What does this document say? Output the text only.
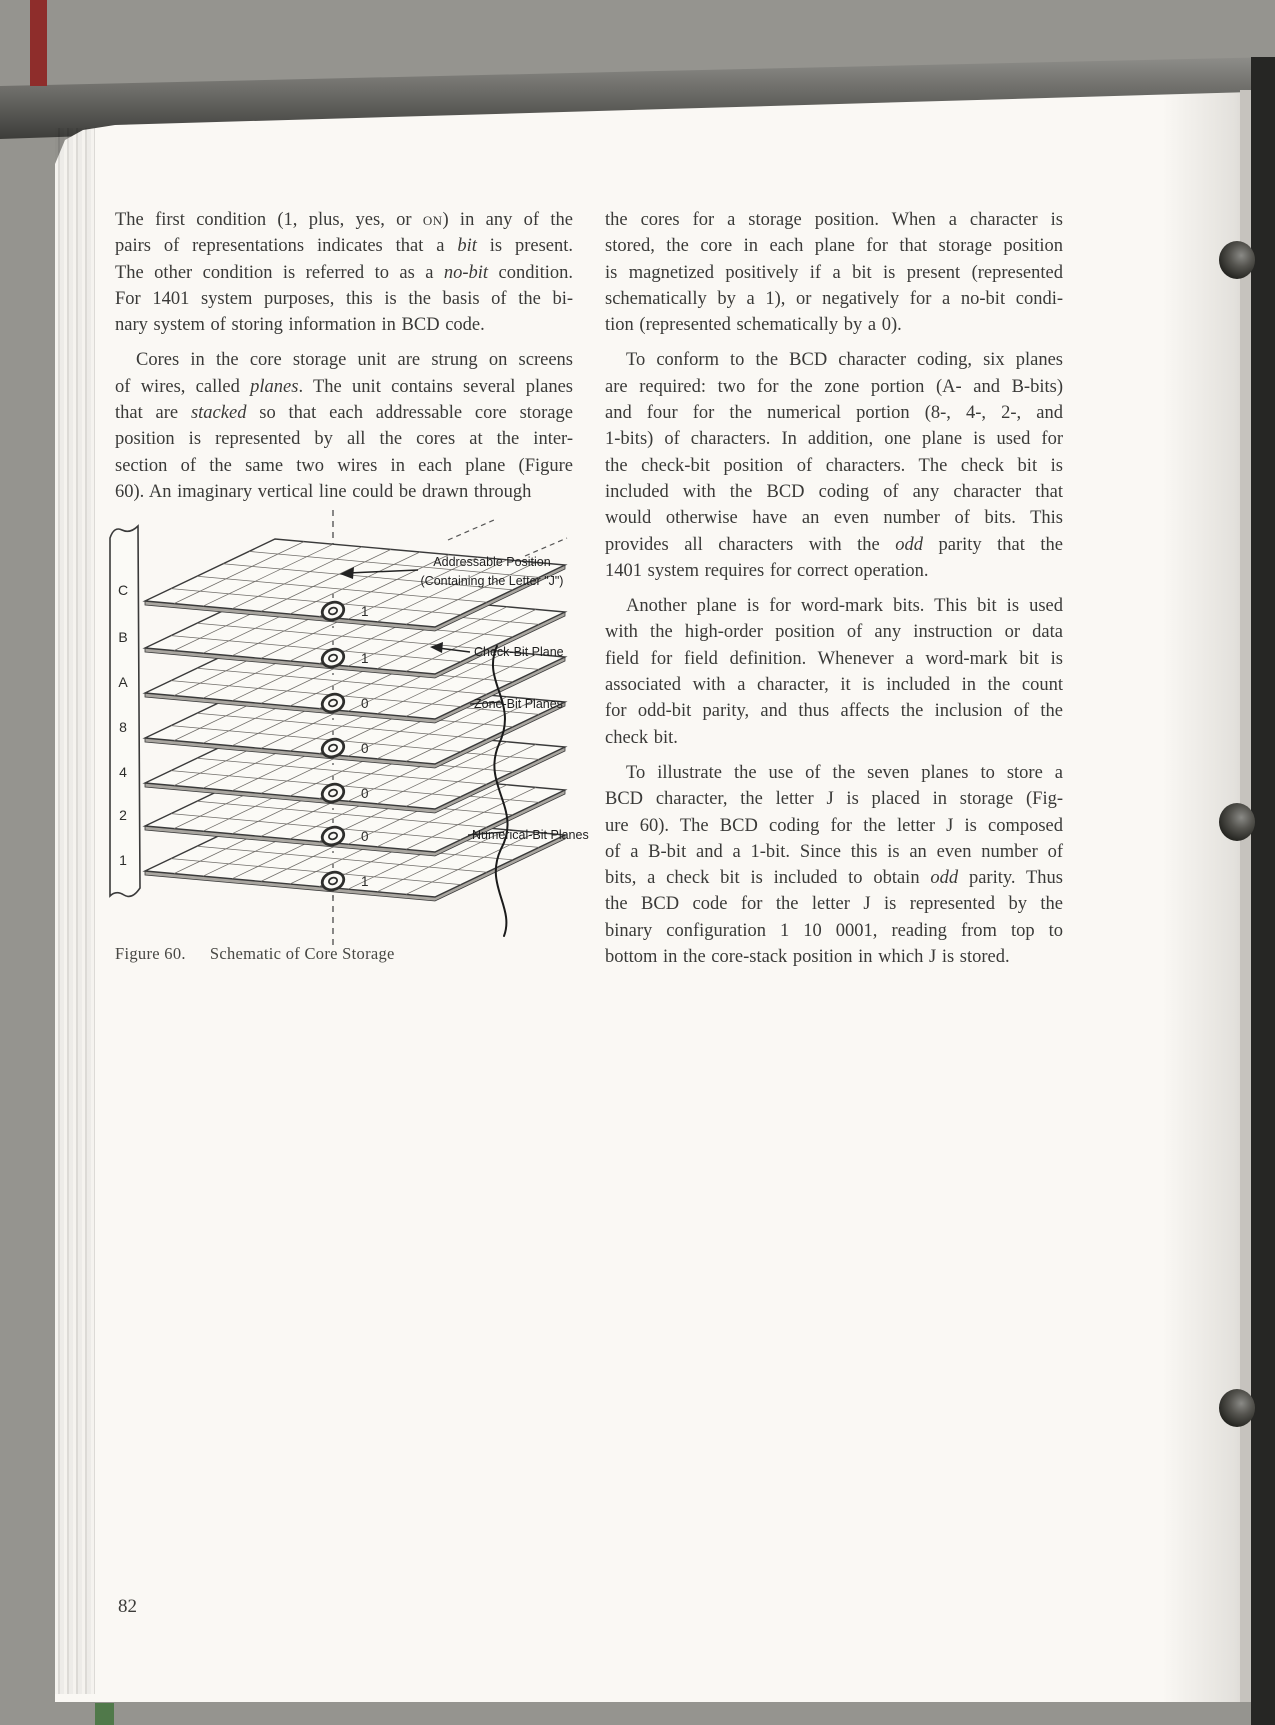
The first condition (1, plus, yes, or on) in any of the
pairs of representations indicates that a bit is present.
The other condition is referred to as a no-bit condition.
For 1401 system purposes, this is the basis of the bi-
nary system of storing information in BCD code.
Cores in the core storage unit are strung on screens
of wires, called planes. The unit contains several planes
that are stacked so that each addressable core storage
position is represented by all the cores at the inter-
section of the same two wires in each plane (Figure
60). An imaginary vertical line could be drawn through
the cores for a storage position. When a character is
stored, the core in each plane for that storage position
is magnetized positively if a bit is present (represented
schematically by a 1), or negatively for a no-bit condi-
tion (represented schematically by a 0).
To conform to the BCD character coding, six planes
are required: two for the zone portion (A- and B-bits)
and four for the numerical portion (8-, 4-, 2-, and
1-bits) of characters. In addition, one plane is used for
the check-bit position of characters. The check bit is
included with the BCD coding of any character that
would otherwise have an even number of bits. This
provides all characters with the odd parity that the
1401 system requires for correct operation.
Another plane is for word-mark bits. This bit is used
with the high-order position of any instruction or data
field for field definition. Whenever a word-mark bit is
associated with a character, it is included in the count
for odd-bit parity, and thus affects the inclusion of the
check bit.
To illustrate the use of the seven planes to store a
BCD character, the letter J is placed in storage (Fig-
ure 60). The BCD coding for the letter J is composed
of a B-bit and a 1-bit. Since this is an even number of
bits, a check bit is included to obtain odd parity. Thus
the BCD code for the letter J is represented by the
binary configuration 1 10 0001, reading from top to
bottom in the core-stack position in which J is stored.
C
B
A
8
4
2
1
1
1
0
0
0
0
1
Addressable Position
(Containing the Letter "J")
Check-Bit Plane
Zone-Bit Planes
Numerical-Bit Planes
Figure 60. Schematic of Core Storage
82
